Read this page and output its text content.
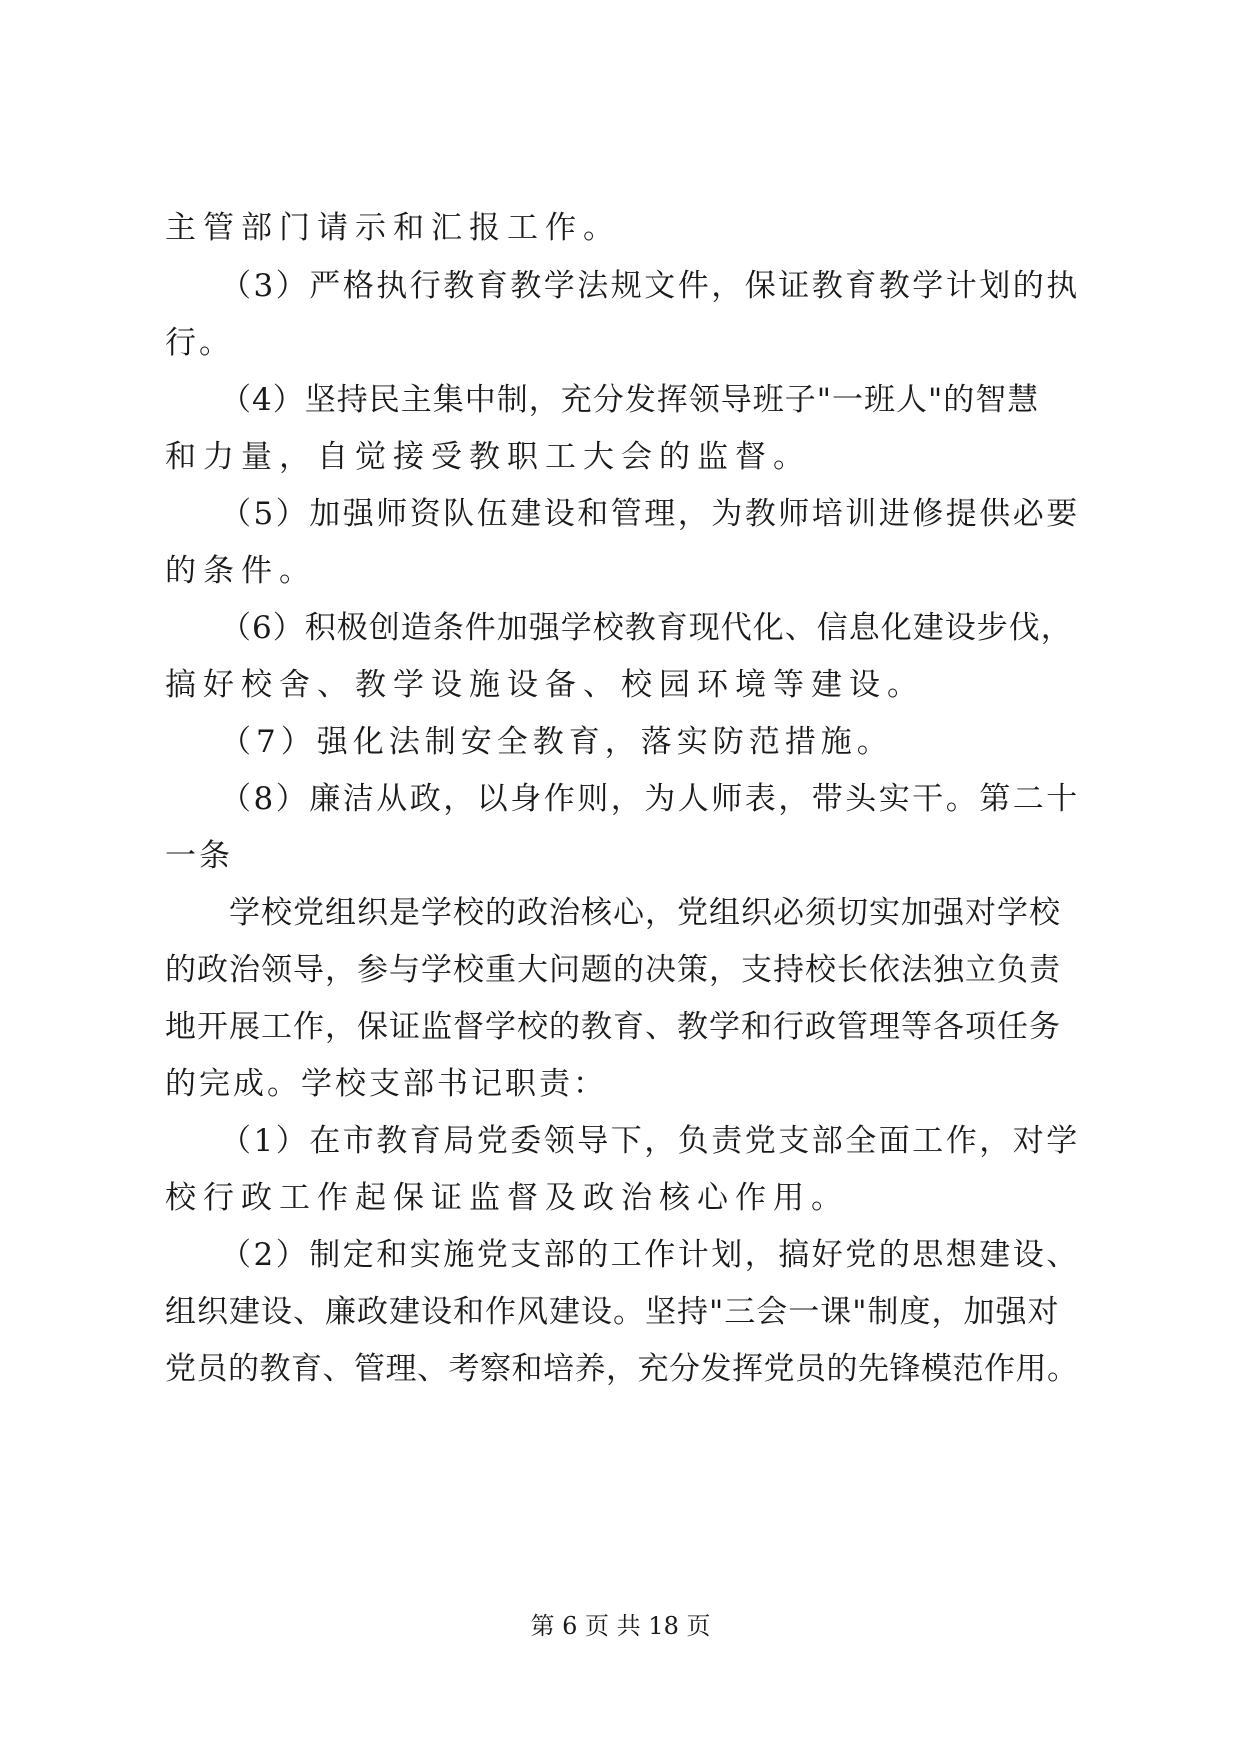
主管部门请示和汇报工作。
（3）严格执行教育教学法规文件，保证教育教学计划的执
行。
（4）坚持民主集中制，充分发挥领导班子"一班人"的智慧
和力量，自觉接受教职工大会的监督。
（5）加强师资队伍建设和管理，为教师培训进修提供必要
的条件。
（6）积极创造条件加强学校教育现代化、信息化建设步伐，
搞好校舍、教学设施设备、校园环境等建设。
（7）强化法制安全教育，落实防范措施。
（8）廉洁从政，以身作则，为人师表，带头实干。第二十
一条
学校党组织是学校的政治核心，党组织必须切实加强对学校
的政治领导，参与学校重大问题的决策，支持校长依法独立负责
地开展工作，保证监督学校的教育、教学和行政管理等各项任务
的完成。学校支部书记职责：
（1）在市教育局党委领导下，负责党支部全面工作，对学
校行政工作起保证监督及政治核心作用。
（2）制定和实施党支部的工作计划，搞好党的思想建设、
组织建设、廉政建设和作风建设。坚持"三会一课"制度，加强对
党员的教育、管理、考察和培养，充分发挥党员的先锋模范作用。
第 6 页 共 18 页
